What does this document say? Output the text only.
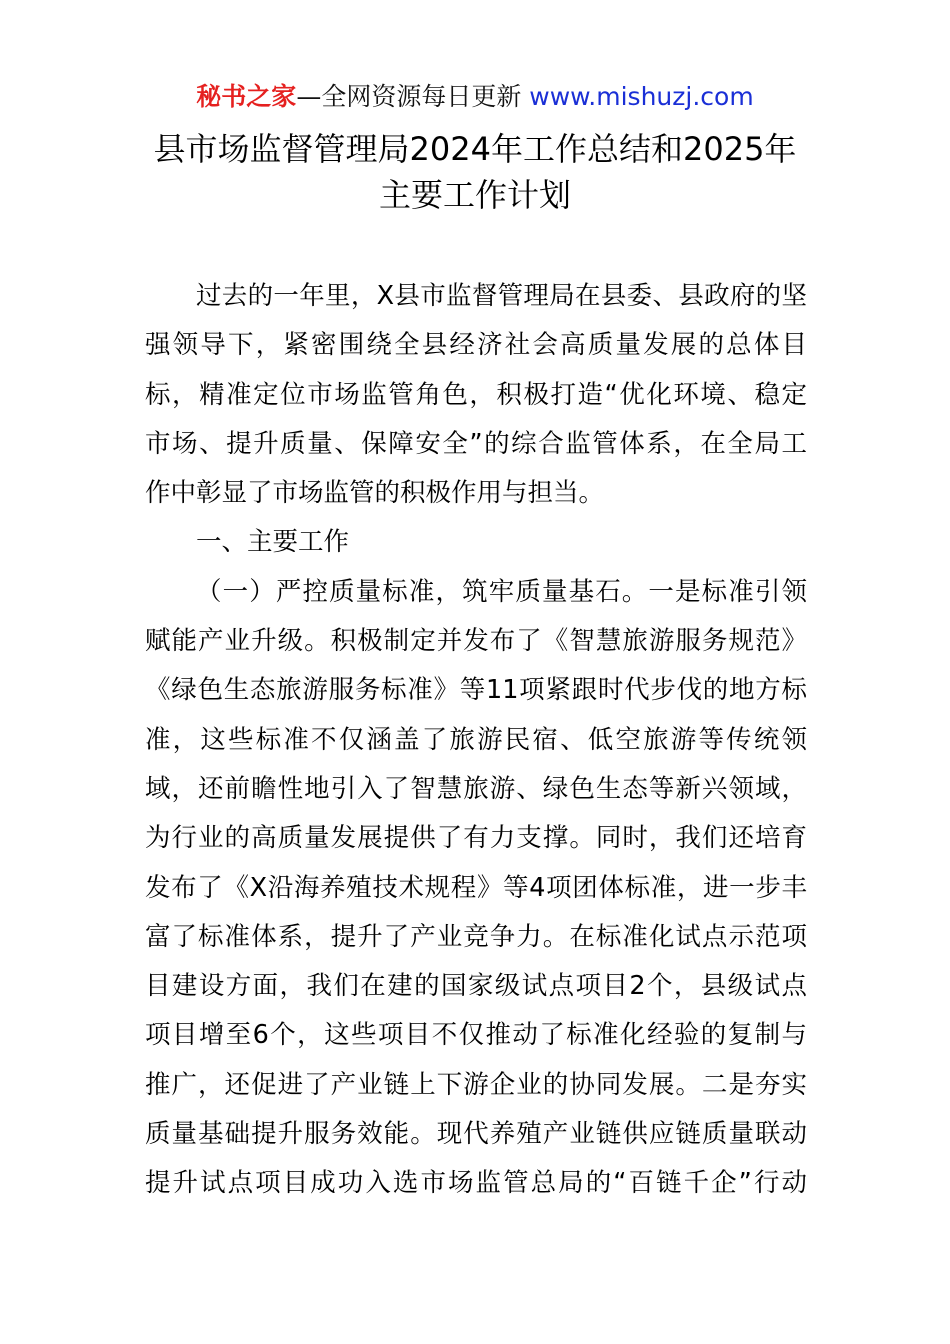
秘书之家—全网资源每日更新 www.mishuzj.com
县市场监督管理局2024年工作总结和2025年
主要工作计划
过去的一年里，X县市监督管理局在县委、县政府的坚
强领导下，紧密围绕全县经济社会高质量发展的总体目
标，精准定位市场监管角色，积极打造“优化环境、稳定
市场、提升质量、保障安全”的综合监管体系，在全局工
作中彰显了市场监管的积极作用与担当。
一、主要工作
（一）严控质量标准，筑牢质量基石。一是标准引领
赋能产业升级。积极制定并发布了《智慧旅游服务规范》
《绿色生态旅游服务标准》等11项紧跟时代步伐的地方标
准，这些标准不仅涵盖了旅游民宿、低空旅游等传统领
域，还前瞻性地引入了智慧旅游、绿色生态等新兴领域，
为行业的高质量发展提供了有力支撑。同时，我们还培育
发布了《X沿海养殖技术规程》等4项团体标准，进一步丰
富了标准体系，提升了产业竞争力。在标准化试点示范项
目建设方面，我们在建的国家级试点项目2个，县级试点
项目增至6个，这些项目不仅推动了标准化经验的复制与
推广，还促进了产业链上下游企业的协同发展。二是夯实
质量基础提升服务效能。现代养殖产业链供应链质量联动
提升试点项目成功入选市场监管总局的“百链千企”行动
